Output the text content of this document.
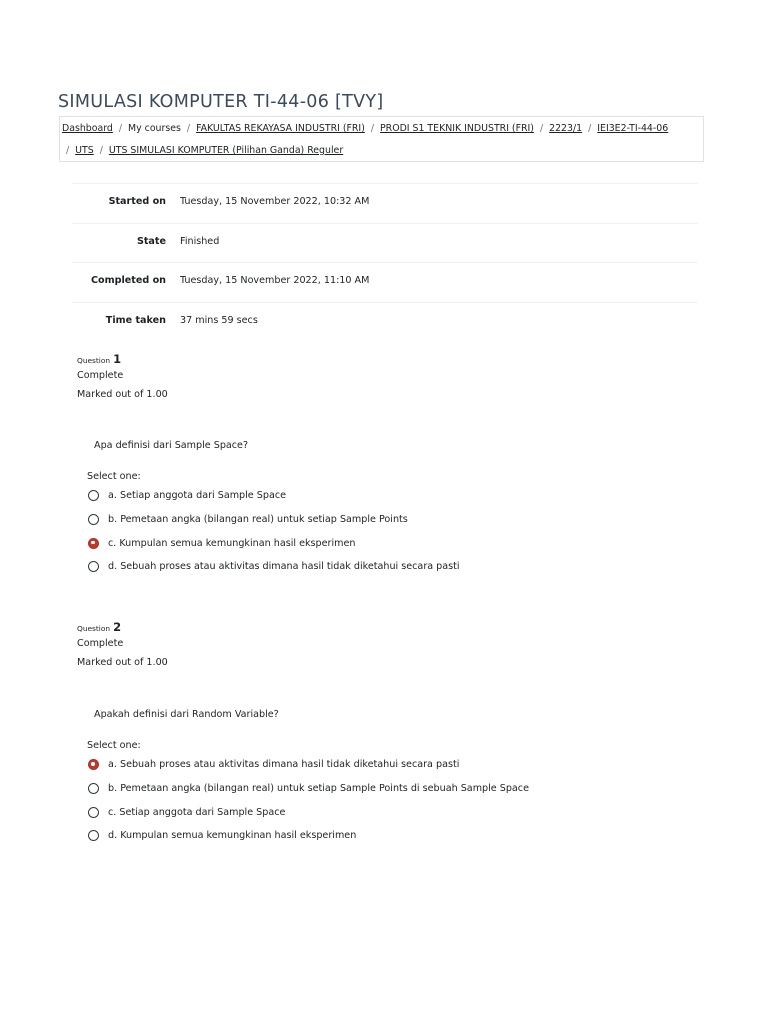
SIMULASI KOMPUTER TI-44-06 [TVY]
Dashboard / My courses / FAKULTAS REKAYASA INDUSTRI (FRI) / PRODI S1 TEKNIK INDUSTRI (FRI) / 2223/1 / IEI3E2-TI-44-06
/ UTS / UTS SIMULASI KOMPUTER (Pilihan Ganda) Reguler
Started on Tuesday, 15 November 2022, 10:32 AM
State Finished
Completed on Tuesday, 15 November 2022, 11:10 AM
Time taken 37 mins 59 secs
Question 1
Complete
Marked out of 1.00
Apa definisi dari Sample Space?
Select one:
a. Setiap anggota dari Sample Space
b. Pemetaan angka (bilangan real) untuk setiap Sample Points
c. Kumpulan semua kemungkinan hasil eksperimen
d. Sebuah proses atau aktivitas dimana hasil tidak diketahui secara pasti
Question 2
Complete
Marked out of 1.00
Apakah definisi dari Random Variable?
Select one:
a. Sebuah proses atau aktivitas dimana hasil tidak diketahui secara pasti
b. Pemetaan angka (bilangan real) untuk setiap Sample Points di sebuah Sample Space
c. Setiap anggota dari Sample Space
d. Kumpulan semua kemungkinan hasil eksperimen
